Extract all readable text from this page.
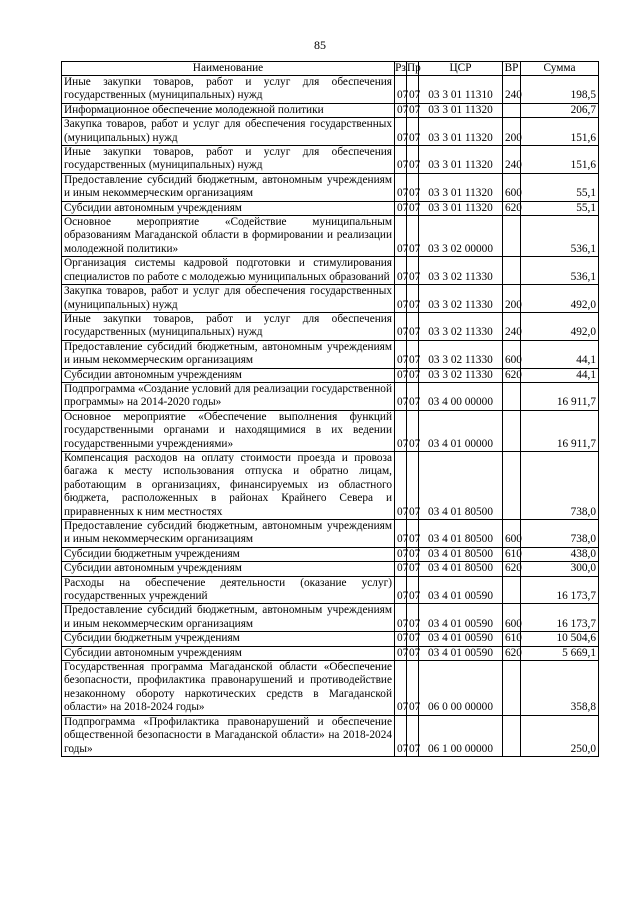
85
Наименование	Рз	Пр	ЦСР	ВР	Сумма
Иные закупки товаров, работ и услуг для обеспечения государственных (муниципальных) нужд	07	07	03 3 01 11310	240	198,5
Информационное обеспечение молодежной политики	07	07	03 3 01 11320		206,7
Закупка товаров, работ и услуг для обеспечения государственных (муниципальных) нужд	07	07	03 3 01 11320	200	151,6
Иные закупки товаров, работ и услуг для обеспечения государственных (муниципальных) нужд	07	07	03 3 01 11320	240	151,6
Предоставление субсидий бюджетным, автономным учреждениям и иным некоммерческим организациям	07	07	03 3 01 11320	600	55,1
Субсидии автономным учреждениям	07	07	03 3 01 11320	620	55,1
Основное мероприятие «Содействие муниципальным образованиям Магаданской области в формировании и реализации молодежной политики»	07	07	03 3 02 00000		536,1
Организация системы кадровой подготовки и стимулирования специалистов по работе с молодежью муниципальных образований	07	07	03 3 02 11330		536,1
Закупка товаров, работ и услуг для обеспечения государственных (муниципальных) нужд	07	07	03 3 02 11330	200	492,0
Иные закупки товаров, работ и услуг для обеспечения государственных (муниципальных) нужд	07	07	03 3 02 11330	240	492,0
Предоставление субсидий бюджетным, автономным учреждениям и иным некоммерческим организациям	07	07	03 3 02 11330	600	44,1
Субсидии автономным учреждениям	07	07	03 3 02 11330	620	44,1
Подпрограмма «Создание условий для реализации государственной программы» на 2014-2020 годы»	07	07	03 4 00 00000		16 911,7
Основное мероприятие «Обеспечение выполнения функций государственными органами и находящимися в их ведении государственными учреждениями»	07	07	03 4 01 00000		16 911,7
Компенсация расходов на оплату стоимости проезда и провоза багажа к месту использования отпуска и обратно лицам, работающим в организациях, финансируемых из областного бюджета, расположенных в районах Крайнего Севера и приравненных к ним местностях	07	07	03 4 01 80500		738,0
Предоставление субсидий бюджетным, автономным учреждениям и иным некоммерческим организациям	07	07	03 4 01 80500	600	738,0
Субсидии бюджетным учреждениям	07	07	03 4 01 80500	610	438,0
Субсидии автономным учреждениям	07	07	03 4 01 80500	620	300,0
Расходы на обеспечение деятельности (оказание услуг) государственных учреждений	07	07	03 4 01 00590		16 173,7
Предоставление субсидий бюджетным, автономным учреждениям и иным некоммерческим организациям	07	07	03 4 01 00590	600	16 173,7
Субсидии бюджетным учреждениям	07	07	03 4 01 00590	610	10 504,6
Субсидии автономным учреждениям	07	07	03 4 01 00590	620	5 669,1
Государственная программа Магаданской области «Обеспечение безопасности, профилактика правонарушений и противодействие незаконному обороту наркотических средств в Магаданской области» на 2018-2024 годы»	07	07	06 0 00 00000		358,8
Подпрограмма «Профилактика правонарушений и обеспечение общественной безопасности в Магаданской области» на 2018-2024 годы»	07	07	06 1 00 00000		250,0
